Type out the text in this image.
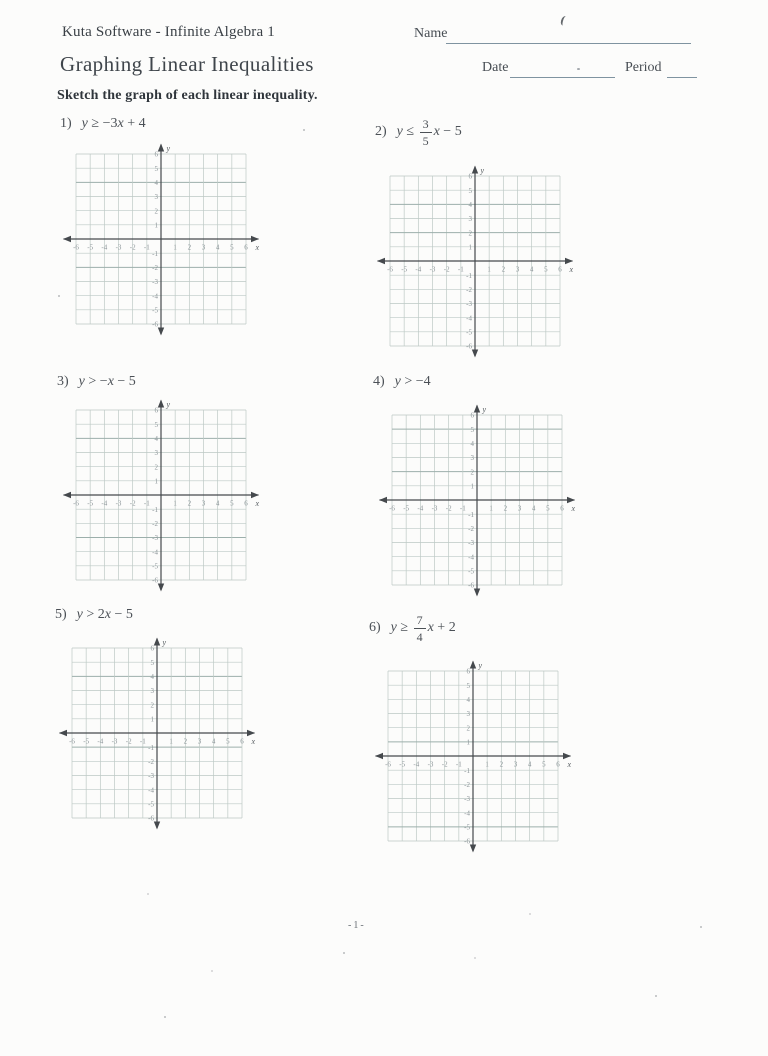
Kuta Software - Infinite Algebra 1
Graphing Linear Inequalities
Name
Date	Period
Sketch the graph of each linear inequality.
1) y ≥ −3 x + 4
-6 -5 -4 -3 -2 -1	1 2 3 4 5 6
6
5
4
3
2
1
-1
-2
-3
-4
-5
-6
x
y
2) $y \le \frac{3}{5}$ x − 5
-6 -5 -4 -3 -2 -1	1 2 3 4 5 6
6
5
4
3
2
1
-1
-2
-3
-4
-5
-6
x
y
3) y > − x − 5
-6 -5 -4 -3 -2 -1	1 2 3 4 5 6
6
5
4
3
2
1
-1
-2
-3
-4
-5
-6
x
y
4) y > −4
-6 -5 -4 -3 -2 -1	1 2 3 4 5 6
6
5
4
3
2
1
-1
-2
-3
-4
-5
-6
x
y
5) y > 2 x − 5
-6 -5 -4 -3 -2 -1	1 2 3 4 5 6
6
5
4
3
2
1
-1
-2
-3
-4
-5
-6
x
y
6) $y \ge \frac{7}{4}$ x + 2
-6 -5 -4 -3 -2 -1	1 2 3 4 5 6
6
5
4
3
2
1
-1
-2
-3
-4
-5
-6
x
y
-1-
